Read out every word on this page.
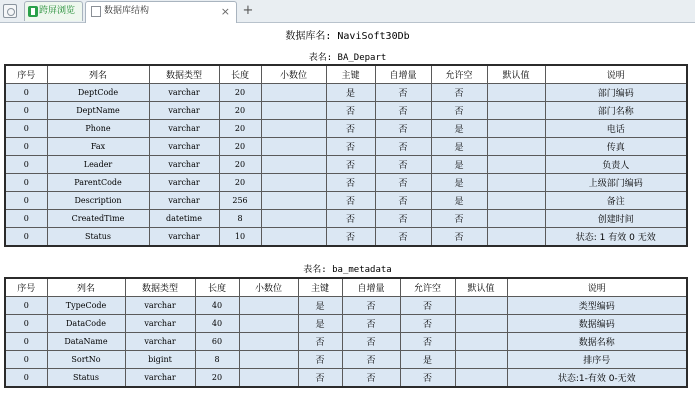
跨屏浏览	数据库结构	× +
数据库名: NaviSoft30Db
表名: BA_Depart
序号	列名	数据类型	长度	小数位	主键	自增量	允许空	默认值	说明
0	DeptCode	varchar	20		是	否	否		部门编码
0	DeptName	varchar	20		否	否	否		部门名称
0	Phone	varchar	20		否	否	是		电话
0	Fax	varchar	20		否	否	是		传真
0	Leader	varchar	20		否	否	是		负责人
0	ParentCode	varchar	20		否	否	是		上级部门编码
0	Description	varchar	256		否	否	是		备注
0	CreatedTime	datetime	8		否	否	否		创建时间
0	Status	varchar	10		否	否	否		状态: 1 有效 0 无效
表名: ba_metadata
序号	列名	数据类型	长度	小数位	主键	自增量	允许空	默认值	说明
0	TypeCode	varchar	40		是	否	否		类型编码
0	DataCode	varchar	40		是	否	否		数据编码
0	DataName	varchar	60		否	否	否		数据名称
0	SortNo	bigint	8		否	否	是		排序号
0	Status	varchar	20		否	否	否		状态:1-有效 0-无效
